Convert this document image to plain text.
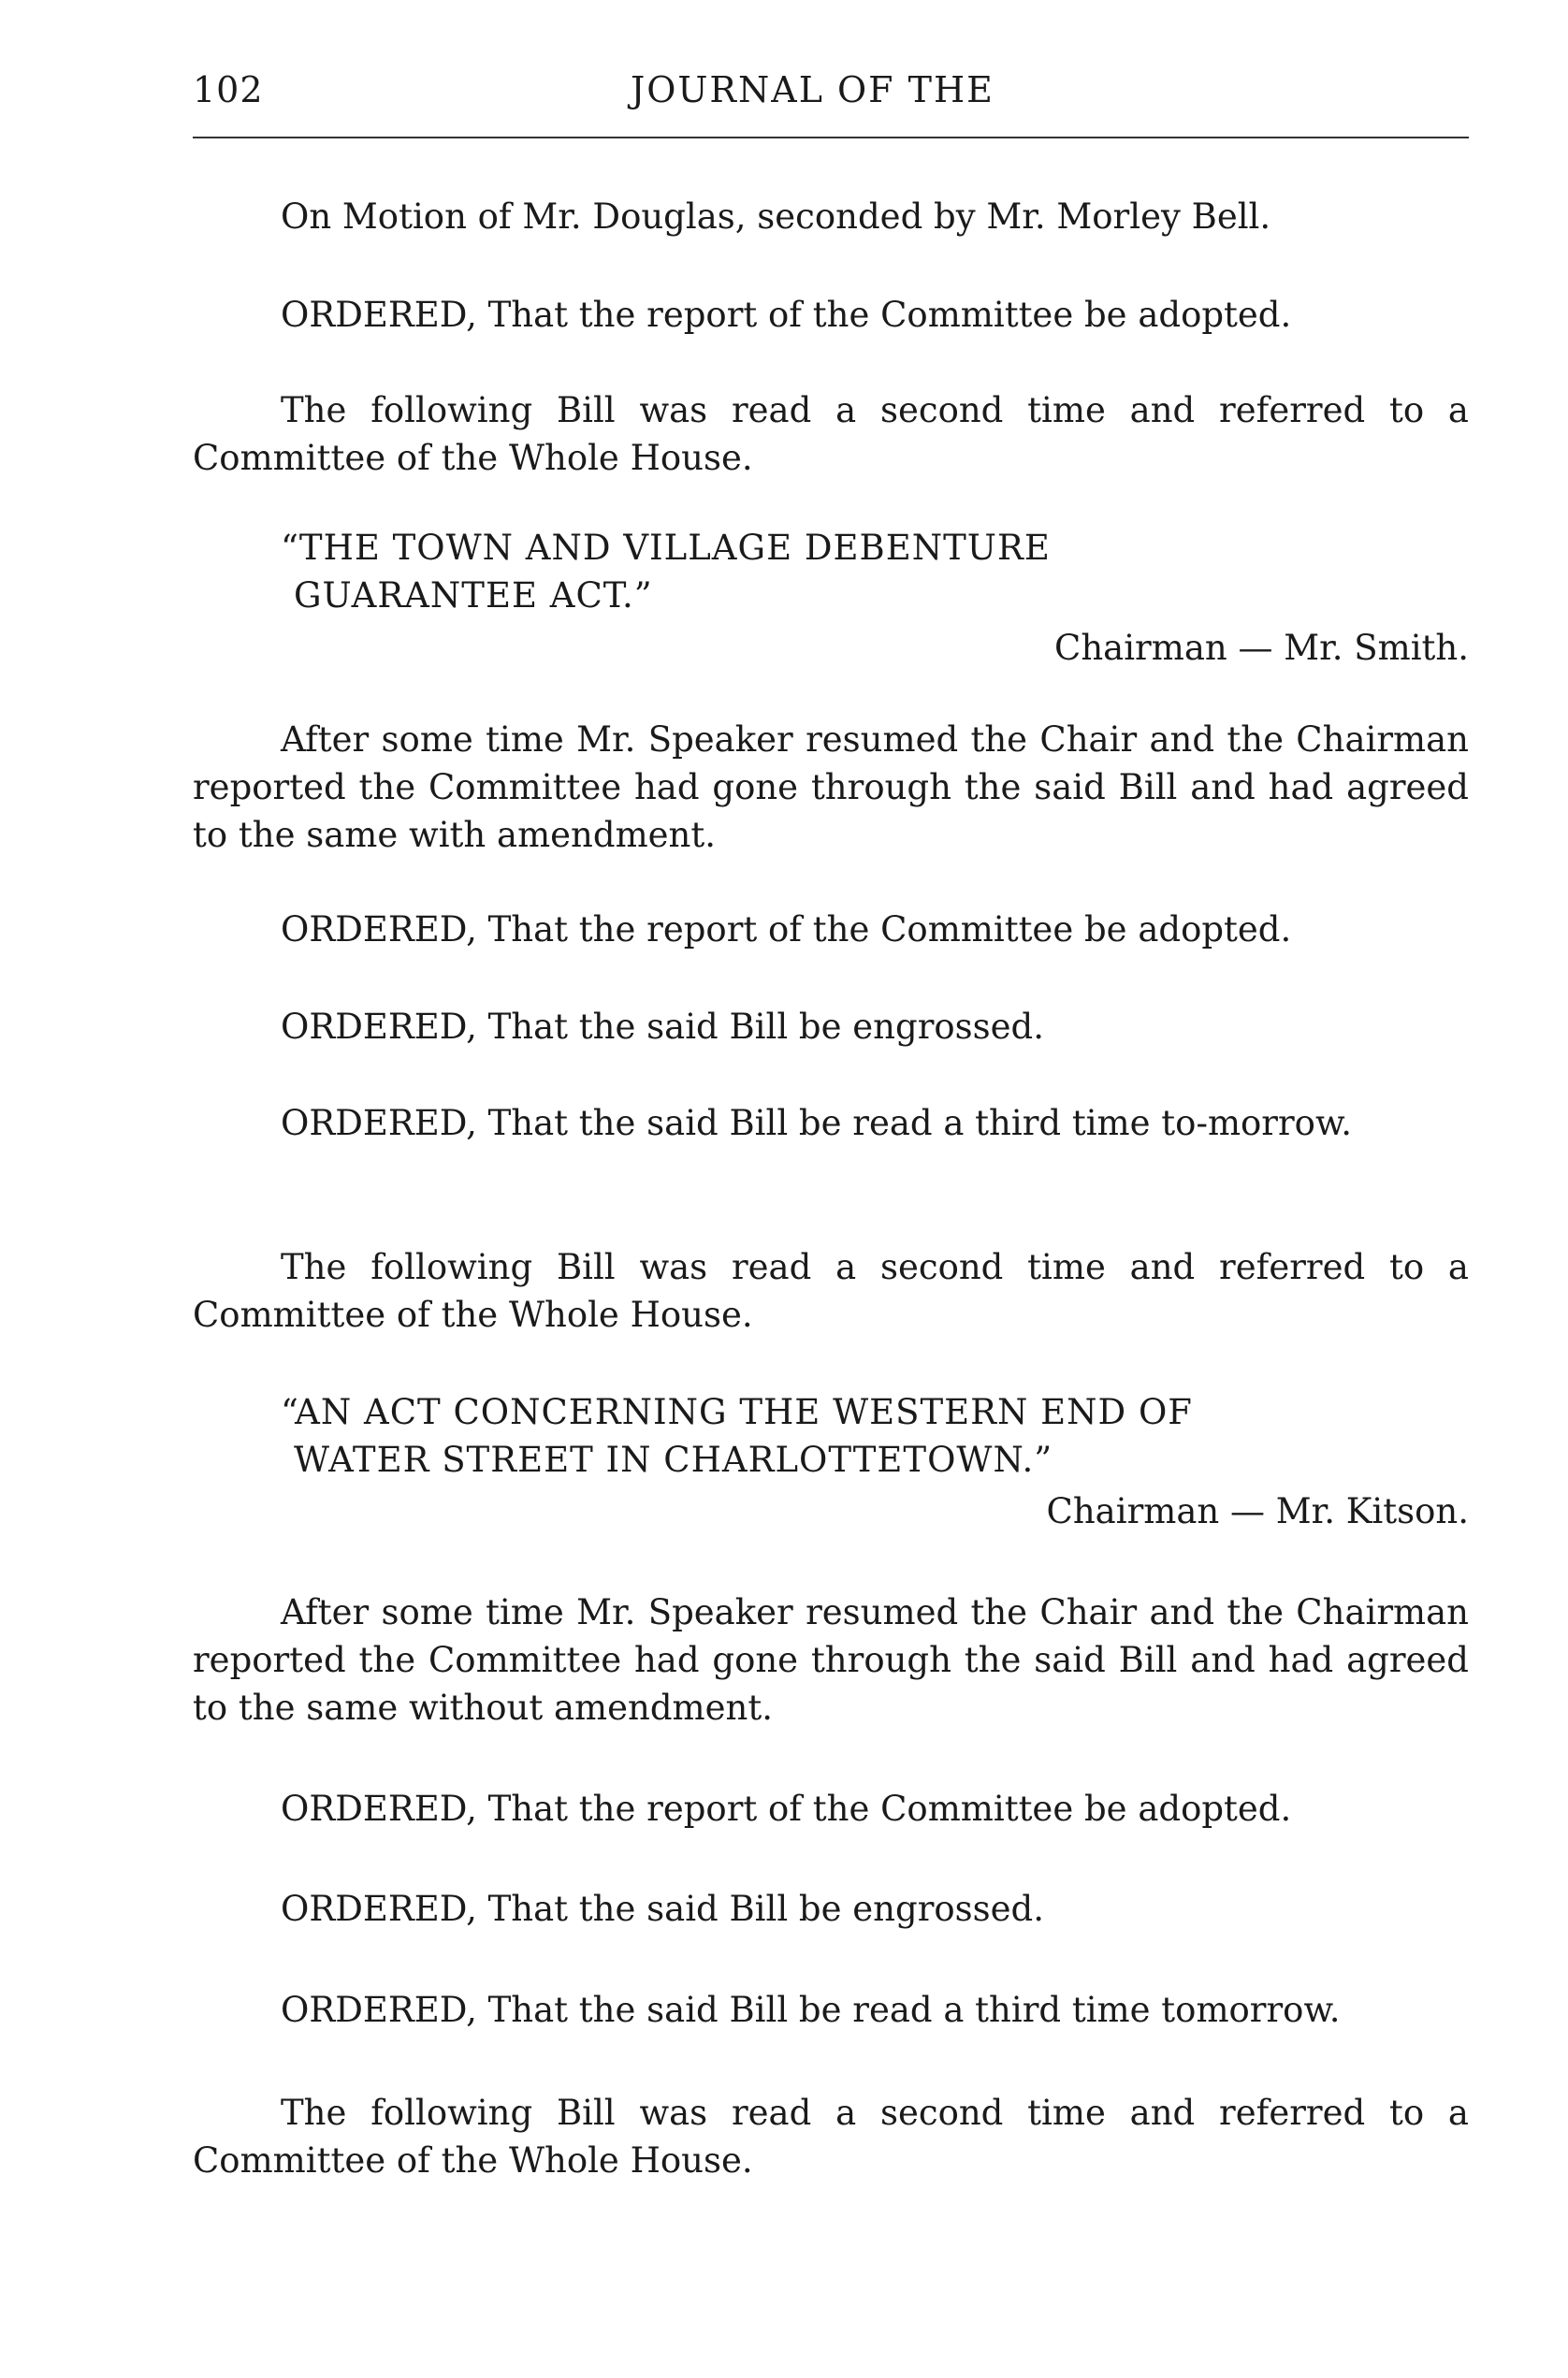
102	JOURNAL OF THE

On Motion of Mr. Douglas, seconded by Mr. Morley Bell.

ORDERED, That the report of the Committee be adopted.

The following Bill was read a second time and referred to a Committee of the Whole House.

“THE TOWN AND VILLAGE DEBENTURE
GUARANTEE ACT.”

Chairman — Mr. Smith.

After some time Mr. Speaker resumed the Chair and the Chairman reported the Committee had gone through the said Bill and had agreed to the same with amendment.

ORDERED, That the report of the Committee be adopted.

ORDERED, That the said Bill be engrossed.

ORDERED, That the said Bill be read a third time to-morrow.

The following Bill was read a second time and referred to a Committee of the Whole House.

“AN ACT CONCERNING THE WESTERN END OF
WATER STREET IN CHARLOTTETOWN.”

Chairman — Mr. Kitson.

After some time Mr. Speaker resumed the Chair and the Chairman reported the Committee had gone through the said Bill and had agreed to the same without amendment.

ORDERED, That the report of the Committee be adopted.

ORDERED, That the said Bill be engrossed.

ORDERED, That the said Bill be read a third time tomorrow.

The following Bill was read a second time and referred to a Committee of the Whole House.
